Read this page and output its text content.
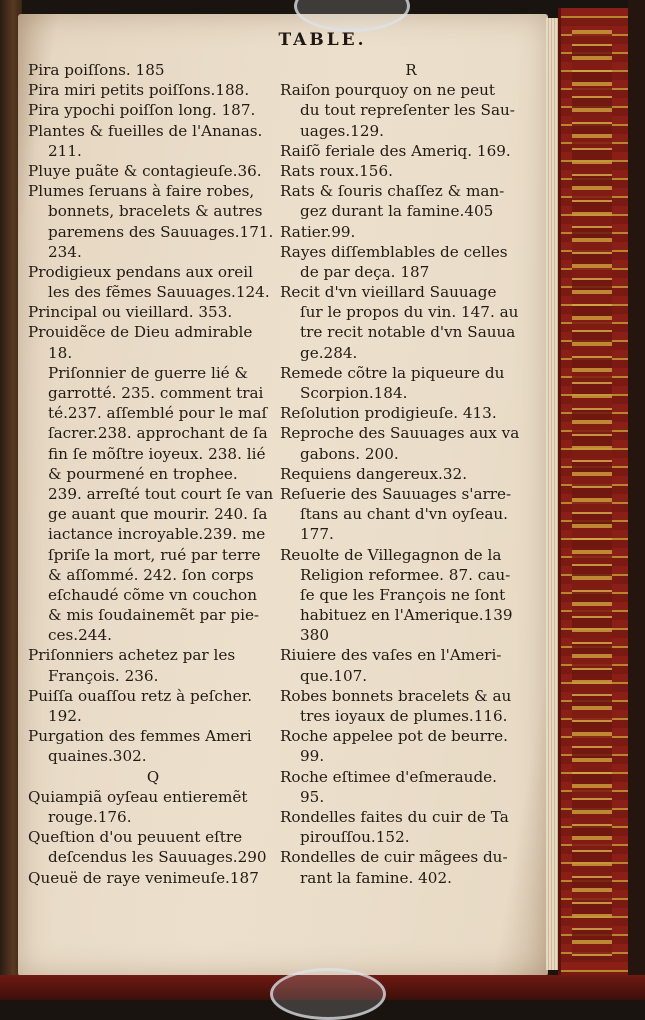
TABLE.
Pira poiſſons. 185
Pira miri petits poiſſons.188.
Pira ypochi poiſſon long. 187.
Plantes & fueilles de l'Ananas.
211.
Pluye puãte & contagieuſe.36.
Plumes ſeruans à faire robes,
bonnets, bracelets & autres
paremens des Sauuages.171.
234.
Prodigieux pendans aux oreil
les des fẽmes Sauuages.124.
Principal ou vieillard. 353.
Prouidẽce de Dieu admirable
18.
Priſonnier de guerre lié &
garrotté. 235. comment trai
té.237. aſſemblé pour le maſ
ſacrer.238. approchant de ſa
fin ſe mõſtre ioyeux. 238. lié
& pourmené en trophee.
239. arreſté tout court ſe van
ge auant que mourir. 240. ſa
iactance incroyable.239. me
ſpriſe la mort, rué par terre
& aſſommé. 242. ſon corps
eſchaudé cõme vn couchon
& mis ſoudainemẽt par pie-
ces.244.
Priſonniers achetez par les
François. 236.
Puiſſa ouaſſou retz à peſcher.
192.
Purgation des femmes Ameri
quaines.302.
Q
Quiampiã oyſeau entieremẽt
rouge.176.
Queſtion d'ou peuuent eſtre
deſcendus les Sauuages.290
Queuë de raye venimeuſe.187
R
Raiſon pourquoy on ne peut
du tout repreſenter les Sau-
uages.129.
Raiſõ feriale des Ameriq. 169.
Rats roux.156.
Rats & ſouris chaſſez & man-
gez durant la famine.405
Ratier.99.
Rayes diſſemblables de celles
de par deça. 187
Recit d'vn vieillard Sauuage
ſur le propos du vin. 147. au
tre recit notable d'vn Sauua
ge.284.
Remede cõtre la piqueure du
Scorpion.184.
Reſolution prodigieuſe. 413.
Reproche des Sauuages aux va
gabons. 200.
Requiens dangereux.32.
Reſuerie des Sauuages s'arre-
ſtans au chant d'vn oyſeau.
177.
Reuolte de Villegagnon de la
Religion reformee. 87. cau-
ſe que les François ne ſont
habituez en l'Amerique.139
380
Riuiere des vaſes en l'Ameri-
que.107.
Robes bonnets bracelets & au
tres ioyaux de plumes.116.
Roche appelee pot de beurre.
99.
Roche eſtimee d'eſmeraude.
95.
Rondelles faites du cuir de Ta
pirouſſou.152.
Rondelles de cuir mãgees du-
rant la famine. 402.
